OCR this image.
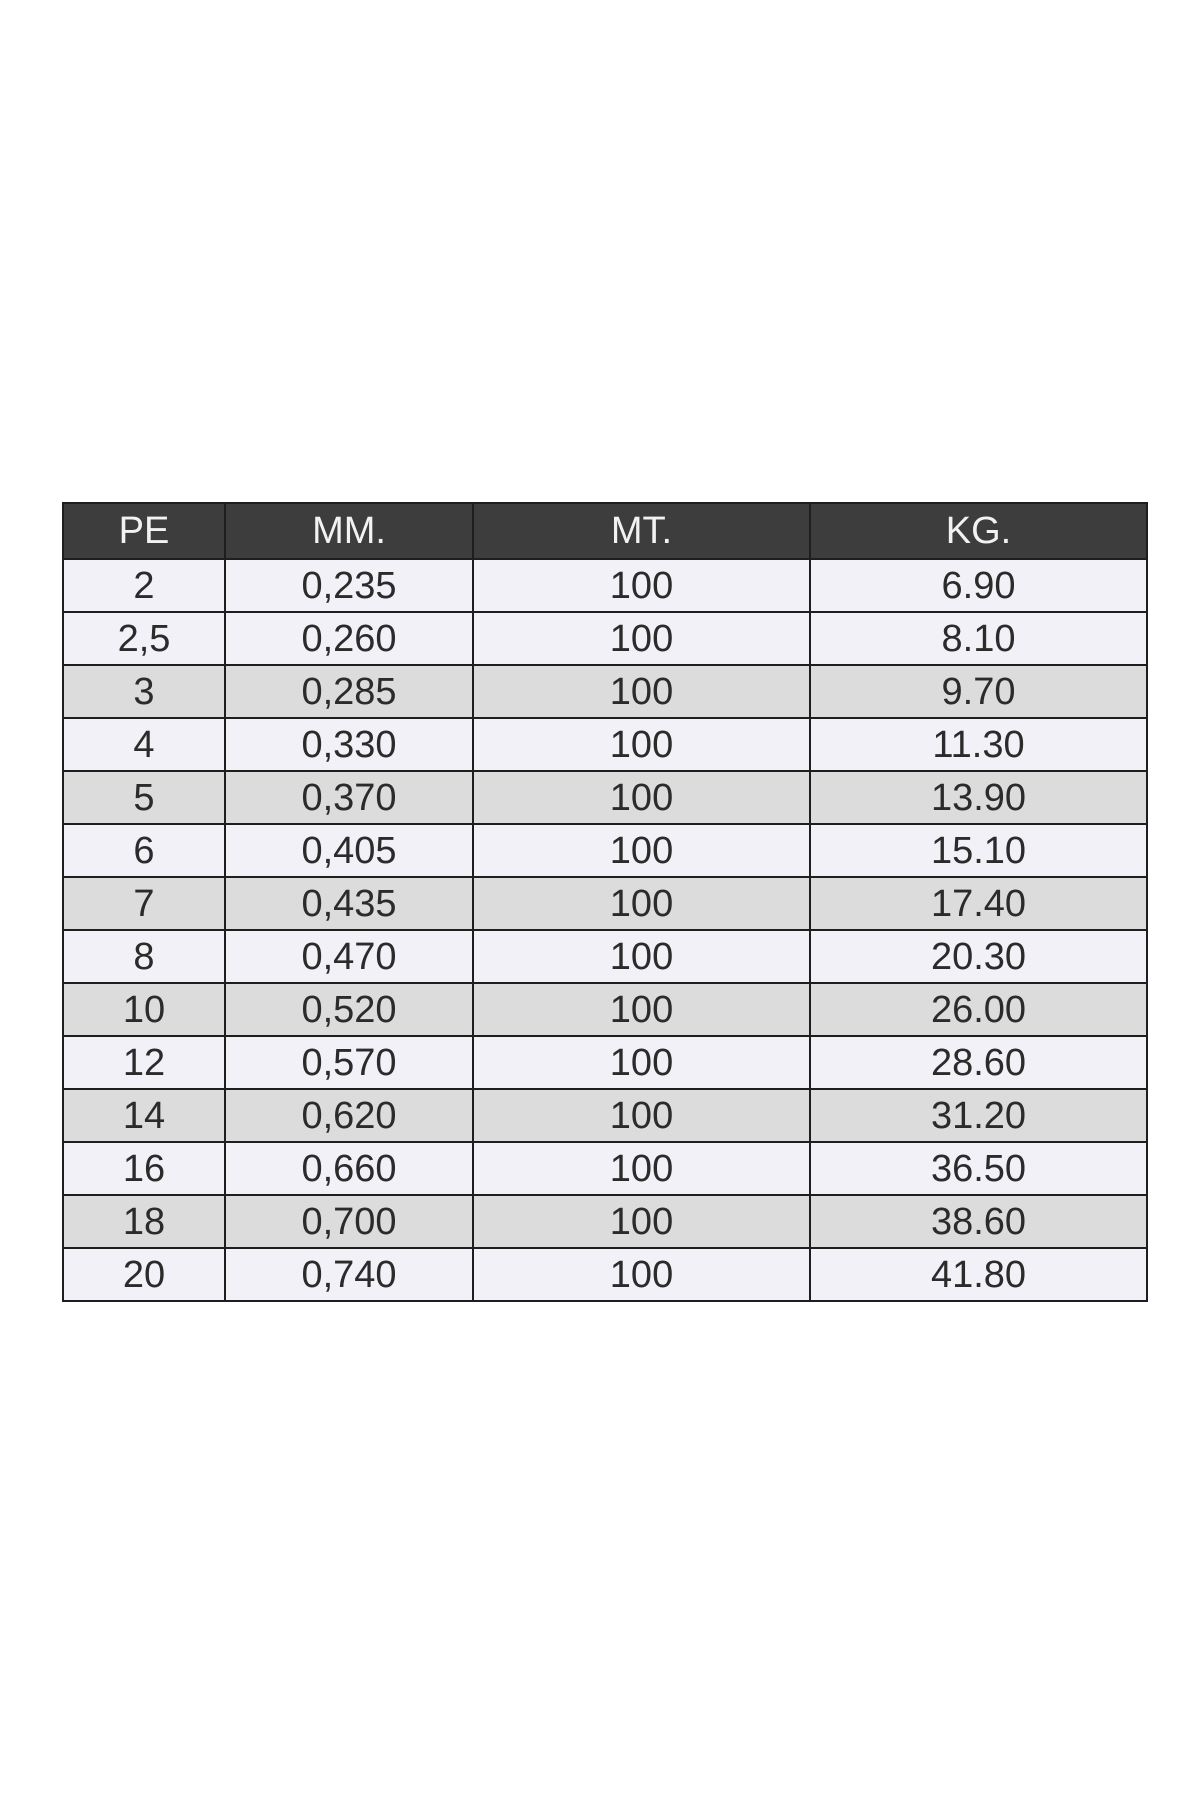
PE	MM.	MT.	KG.
2	0,235	100	6.90
2,5	0,260	100	8.10
3	0,285	100	9.70
4	0,330	100	11.30
5	0,370	100	13.90
6	0,405	100	15.10
7	0,435	100	17.40
8	0,470	100	20.30
10	0,520	100	26.00
12	0,570	100	28.60
14	0,620	100	31.20
16	0,660	100	36.50
18	0,700	100	38.60
20	0,740	100	41.80
